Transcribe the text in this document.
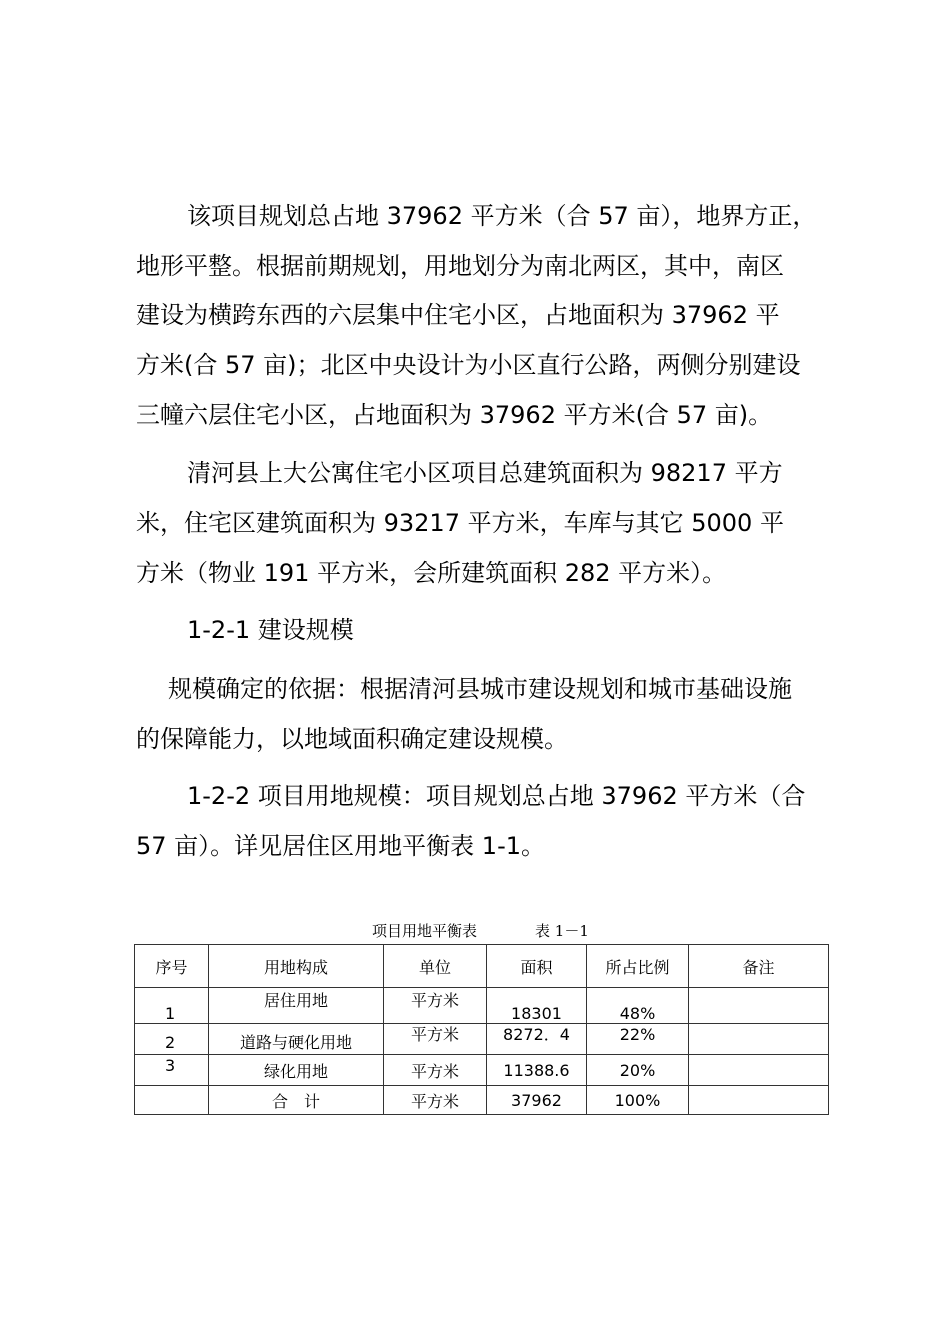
该项目规划总占地 37962 平方米（合 57 亩），地界方正，
地形平整。根据前期规划，用地划分为南北两区，其中，南区
建设为横跨东西的六层集中住宅小区，占地面积为 37962 平
方米(合 57 亩)；北区中央设计为小区直行公路，两侧分别建设
三幢六层住宅小区，占地面积为 37962 平方米(合 57 亩)。
清河县上大公寓住宅小区项目总建筑面积为 98217 平方
米，住宅区建筑面积为 93217 平方米，车库与其它 5000 平
方米（物业 191 平方米，会所建筑面积 282 平方米）。
1-2-1 建设规模
规模确定的依据：根据清河县城市建设规划和城市基础设施
的保障能力，以地域面积确定建设规模。
1-2-2 项目用地规模：项目规划总占地 37962 平方米（合
57 亩）。详见居住区用地平衡表 1-1。
项目用地平衡表	表 1－1
序号	用地构成	单位	面积	所占比例	备注
1	居住用地	平方米	18301	48%	
2	道路与硬化用地	平方米	8272．4	22%	
3	绿化用地	平方米	11388.6	20%	
	合　计	平方米	37962	100%	
